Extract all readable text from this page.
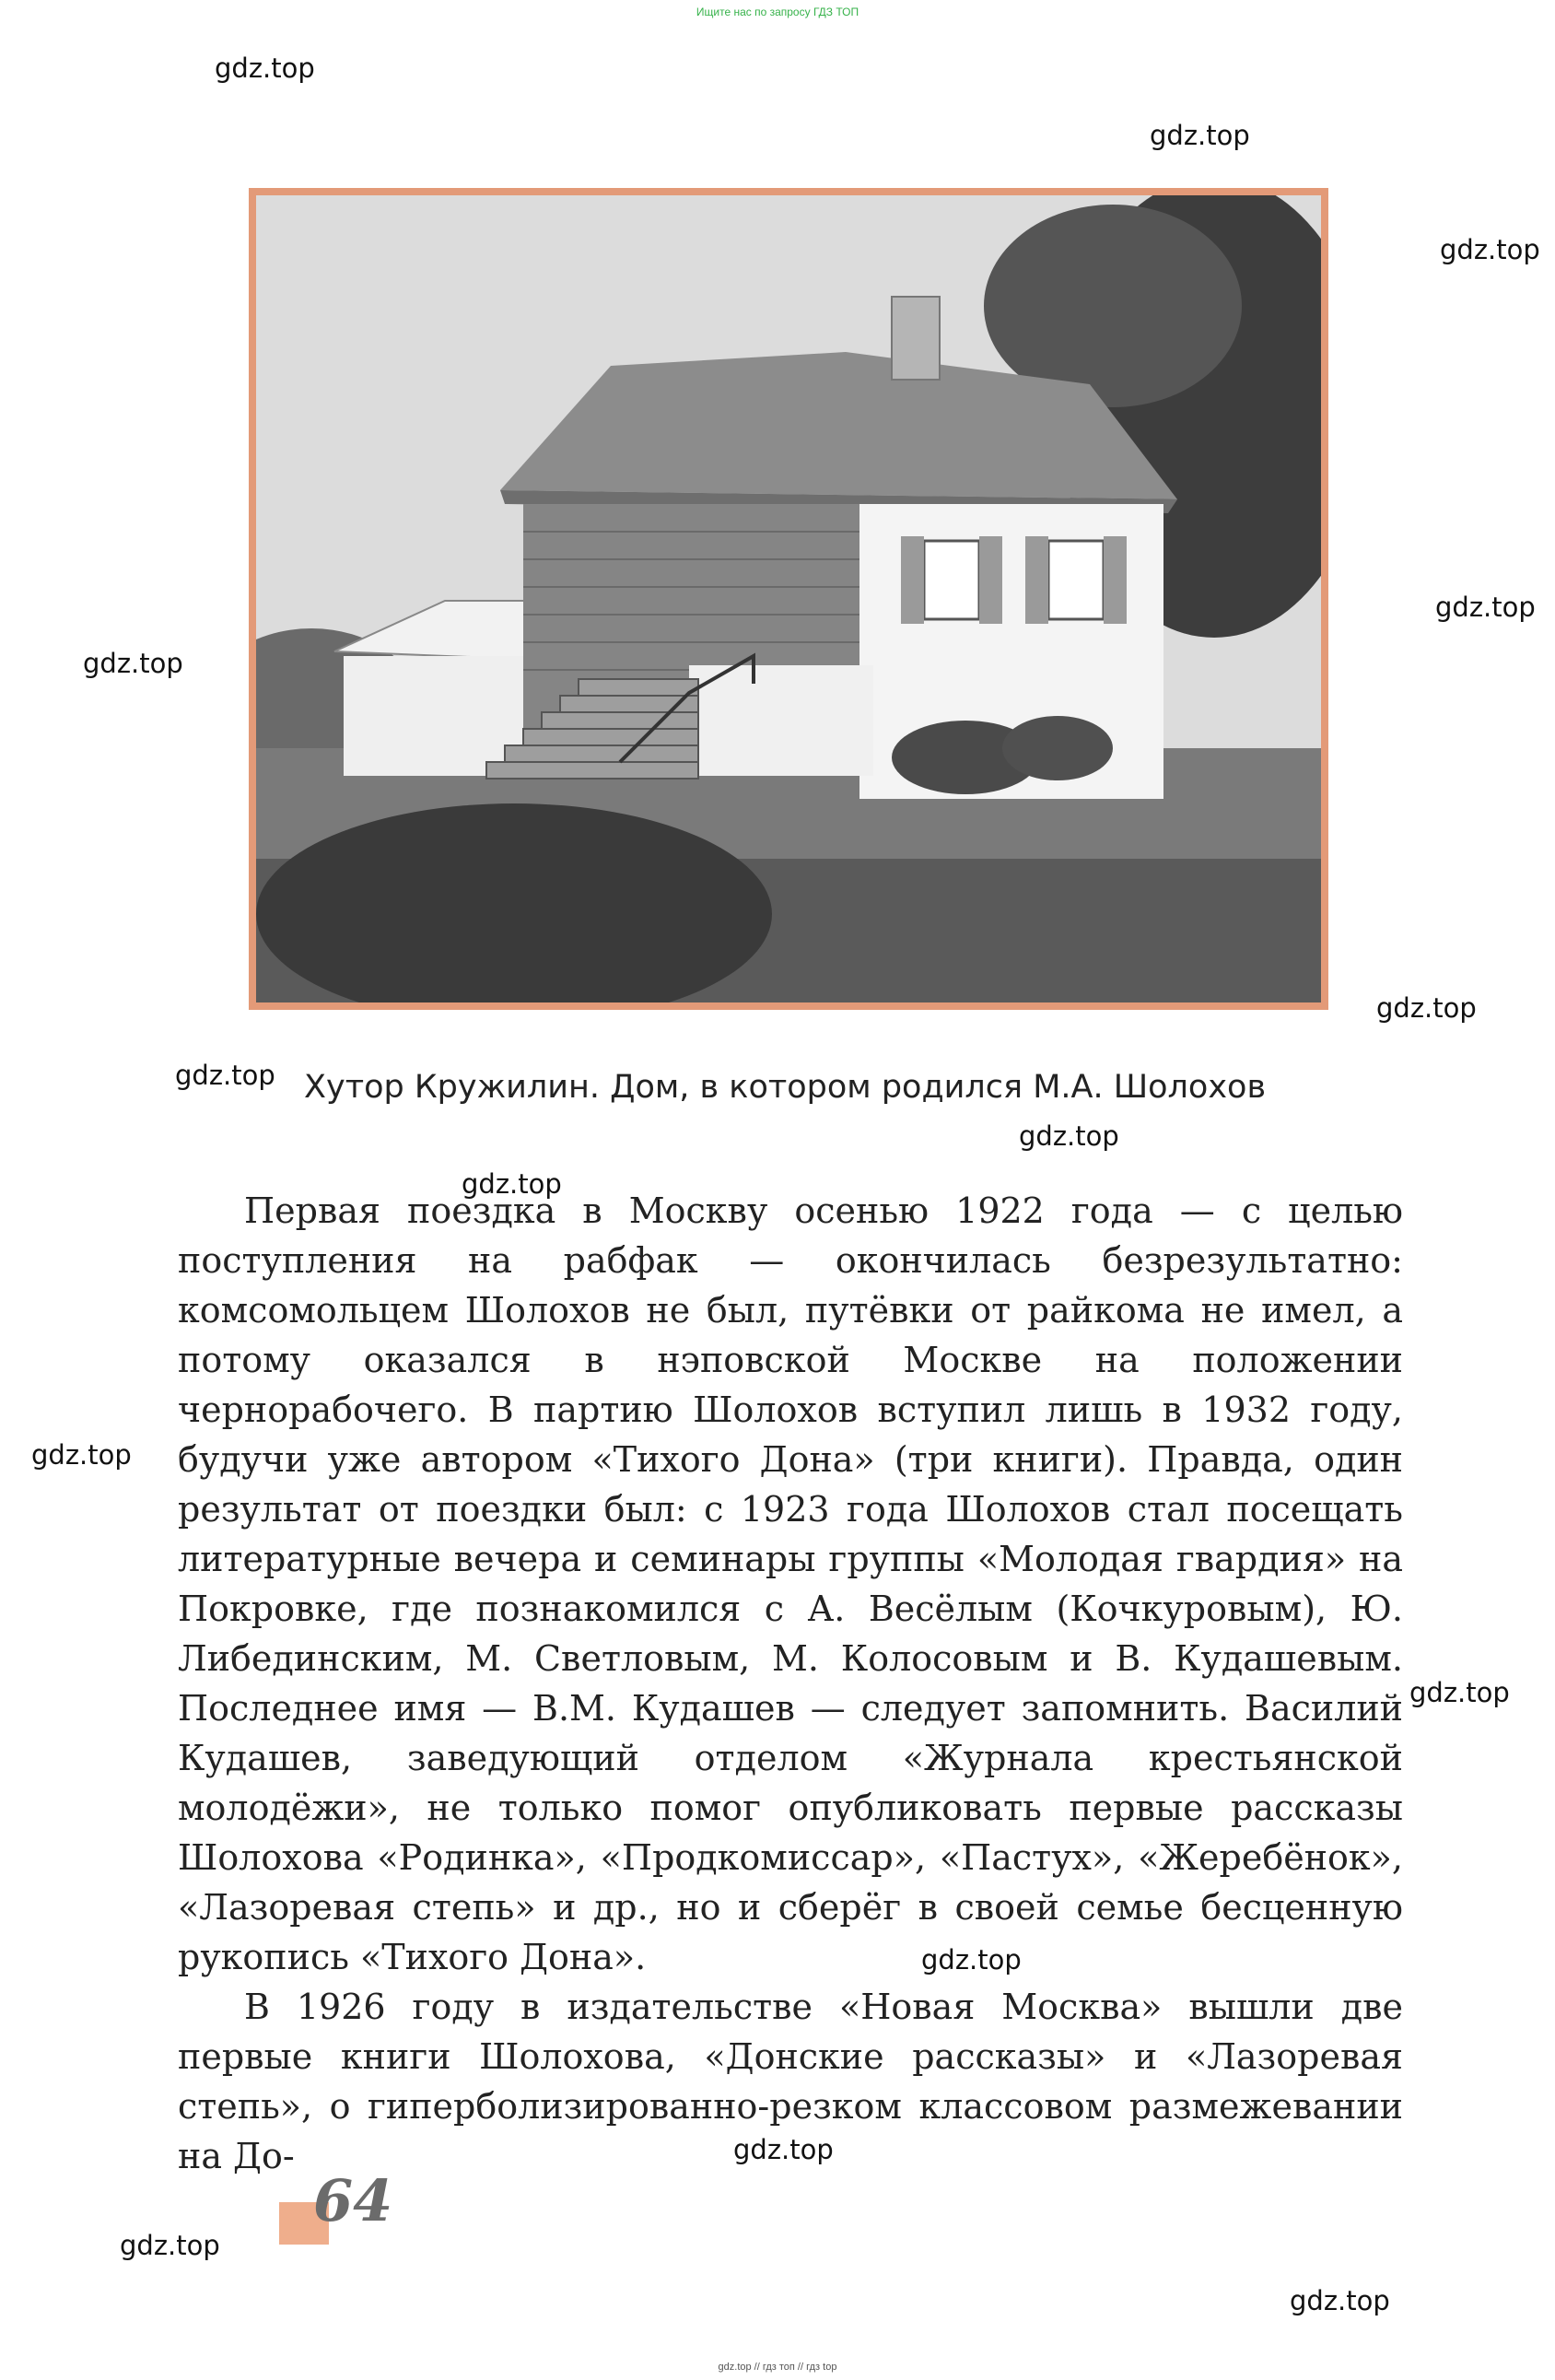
Ищите нас по запросу ГДЗ ТОП
gdz.top
gdz.top
gdz.top
gdz.top
gdz.top
gdz.top
gdz.top
gdz.top
gdz.top
gdz.top
gdz.top
gdz.top
gdz.top
gdz.top
gdz.top
Хутор Кружилин. Дом, в котором родился М.А. Шолохов

Первая поездка в Москву осенью 1922 года — с целью поступления на рабфак — окончилась безрезультатно: комсомольцем Шолохов не был, путёвки от райкома не имел, а потому оказался в нэповской Москве на положении чернорабочего. В партию Шолохов вступил лишь в 1932 году, будучи уже автором «Тихого Дона» (три книги). Правда, один результат от поездки был: с 1923 года Шолохов стал посещать литературные вечера и семинары группы «Молодая гвардия» на Покровке, где познакомился с А. Весёлым (Кочкуровым), Ю. Либединским, М. Светловым, М. Колосовым и В. Кудашевым. Последнее имя — В.М. Кудашев — следует запомнить. Василий Кудашев, заведующий отделом «Журнала крестьянской молодёжи», не только помог опубликовать первые рассказы Шолохова «Родинка», «Продкомиссар», «Пастух», «Жеребёнок», «Лазоревая степь» и др., но и сберёг в своей семье бесценную рукопись «Тихого Дона».

В 1926 году в издательстве «Новая Москва» вышли две первые книги Шолохова, «Донские рассказы» и «Лазоревая степь», о гиперболизированно-резком классовом размежевании на До-

64
gdz.top // гдз топ // гдз top
